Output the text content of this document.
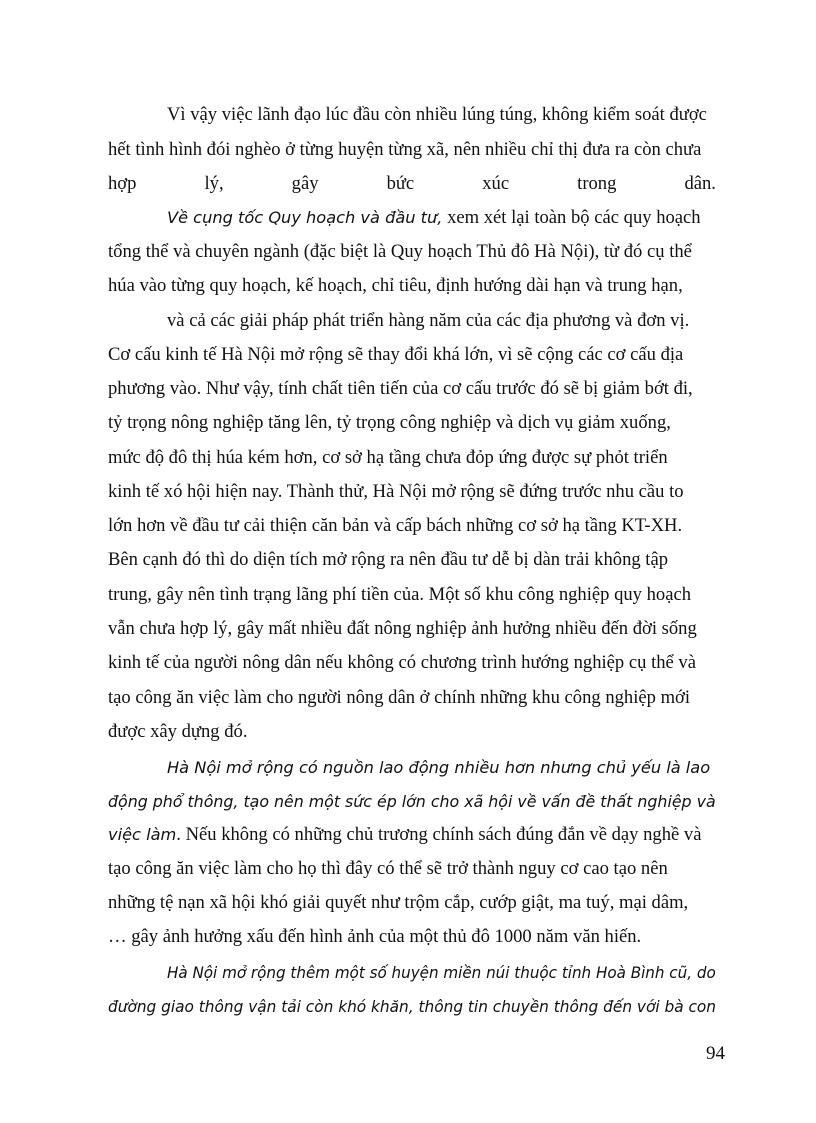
Vì vậy việc lãnh đạo lúc đầu còn nhiều lúng túng, không kiểm soát được
hết tình hình đói nghèo ở từng huyện từng xã, nên nhiều chỉ thị đưa ra còn chưa
hợp	lý,	gây	bức	xúc	trong	dân.
Về cụng tốc Quy hoạch và đầu tư, xem xét lại toàn bộ các quy hoạch
tổng thể và chuyên ngành (đặc biệt là Quy hoạch Thủ đô Hà Nội), từ đó cụ thể
húa vào từng quy hoạch, kế hoạch, chỉ tiêu, định hướng dài hạn và trung hạn,
và cả các giải pháp phát triển hàng năm của các địa phương và đơn vị.
Cơ cấu kinh tế Hà Nội mở rộng sẽ thay đổi khá lớn, vì sẽ cộng các cơ cấu địa
phương vào. Như vậy, tính chất tiên tiến của cơ cấu trước đó sẽ bị giảm bớt đi,
tỷ trọng nông nghiệp tăng lên, tỷ trọng công nghiệp và dịch vụ giảm xuống,
mức độ đô thị húa kém hơn, cơ sở hạ tầng chưa đỏp ứng được sự phỏt triển
kinh tế xó hội hiện nay. Thành thử, Hà Nội mở rộng sẽ đứng trước nhu cầu to
lớn hơn về đầu tư cải thiện căn bản và cấp bách những cơ sở hạ tầng KT-XH.
Bên cạnh đó thì do diện tích mở rộng ra nên đầu tư dễ bị dàn trải không tập
trung, gây nên tình trạng lãng phí tiền của. Một số khu công nghiệp quy hoạch
vẫn chưa hợp lý, gây mất nhiều đất nông nghiệp ảnh hưởng nhiều đến đời sống
kinh tế của người nông dân nếu không có chương trình hướng nghiệp cụ thể và
tạo công ăn việc làm cho người nông dân ở chính những khu công nghiệp mới
được xây dựng đó.
Hà Nội mở rộng có nguồn lao động nhiều hơn nhưng chủ yếu là lao
động phổ thông, tạo nên một sức ép lớn cho xã hội về vấn đề thất nghiệp và
việc làm. Nếu không có những chủ trương chính sách đúng đắn về dạy nghề và
tạo công ăn việc làm cho họ thì đây có thể sẽ trở thành nguy cơ cao tạo nên
những tệ nạn xã hội khó giải quyết như trộm cắp, cướp giật, ma tuý, mại dâm,
… gây ảnh hưởng xấu đến hình ảnh của một thủ đô 1000 năm văn hiến.
Hà Nội mở rộng thêm một số huyện miền núi thuộc tỉnh Hoà Bình cũ, do
đường giao thông vận tải còn khó khăn, thông tin chuyền thông đến với bà con
94
